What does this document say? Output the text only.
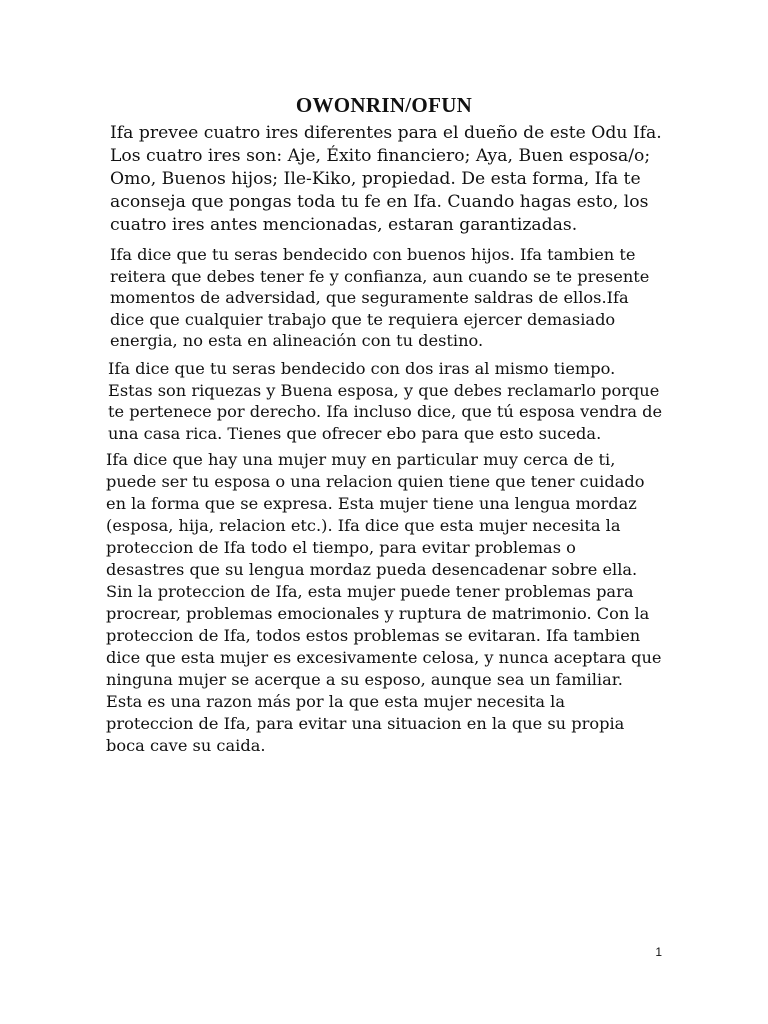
OWONRIN/OFUN

Ifa prevee cuatro ires diferentes para el dueño de este Odu Ifa.
Los cuatro ires son: Aje, Éxito financiero; Aya, Buen esposa/o;
Omo, Buenos hijos; Ile-Kiko, propiedad. De esta forma, Ifa te
aconseja que pongas toda tu fe en Ifa. Cuando hagas esto, los
cuatro ires antes mencionadas, estaran garantizadas.

Ifa dice que tu seras bendecido con buenos hijos. Ifa tambien te
reitera que debes tener fe y confianza, aun cuando se te presente
momentos de adversidad, que seguramente saldras de ellos.Ifa
dice que cualquier trabajo que te requiera ejercer demasiado
energia, no esta en alineación con tu destino.

Ifa dice que tu seras bendecido con dos iras al mismo tiempo.
Estas son riquezas y Buena esposa, y que debes reclamarlo porque
te pertenece por derecho. Ifa incluso dice, que tú esposa vendra de
una casa rica. Tienes que ofrecer ebo para que esto suceda.

Ifa dice que hay una mujer muy en particular muy cerca de ti,
puede ser tu esposa o una relacion quien tiene que tener cuidado
en la forma que se expresa. Esta mujer tiene una lengua mordaz
(esposa, hija, relacion etc.). Ifa dice que esta mujer necesita la
proteccion de Ifa todo el tiempo, para evitar problemas o
desastres que su lengua mordaz pueda desencadenar sobre ella.
Sin la proteccion de Ifa, esta mujer puede tener problemas para
procrear, problemas emocionales y ruptura de matrimonio. Con la
proteccion de Ifa, todos estos problemas se evitaran. Ifa tambien
dice que esta mujer es excesivamente celosa, y nunca aceptara que
ninguna mujer se acerque a su esposo, aunque sea un familiar.
Esta es una razon más por la que esta mujer necesita la
proteccion de Ifa, para evitar una situacion en la que su propia
boca cave su caida.

1
